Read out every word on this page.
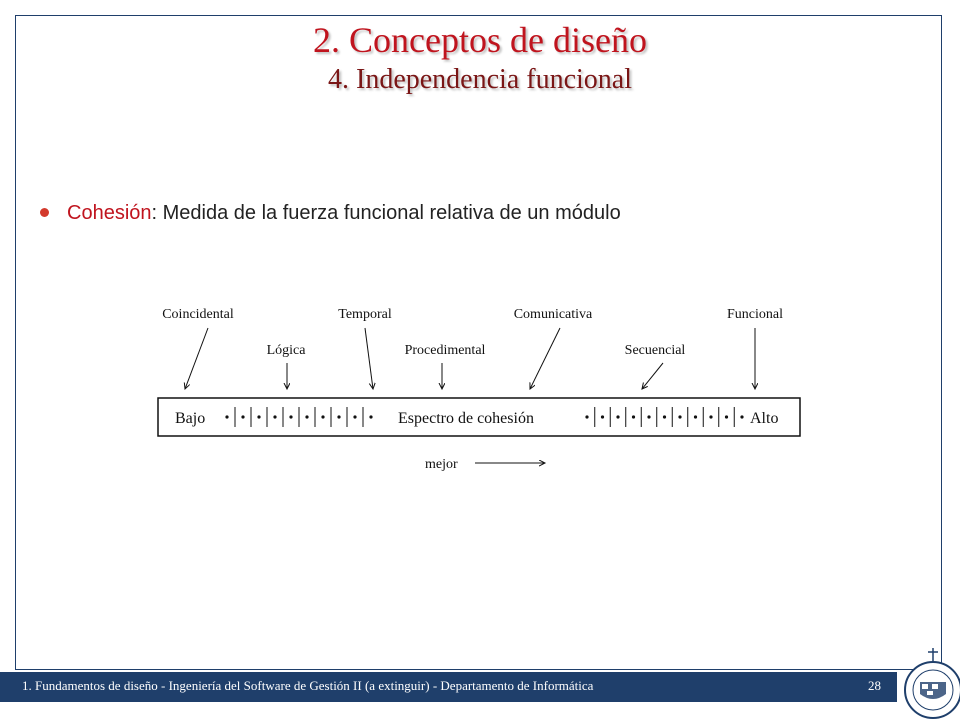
2. Conceptos de diseño
4. Independencia funcional
Cohesión: Medida de la fuerza funcional relativa de un módulo
Coincidental
Lógica
Temporal
Procedimental
Comunicativa
Secuencial
Funcional
Bajo	Espectro de cohesión	Alto
mejor
1. Fundamentos de diseño - Ingeniería del Software de Gestión II (a extinguir) - Departamento de Informática	28
